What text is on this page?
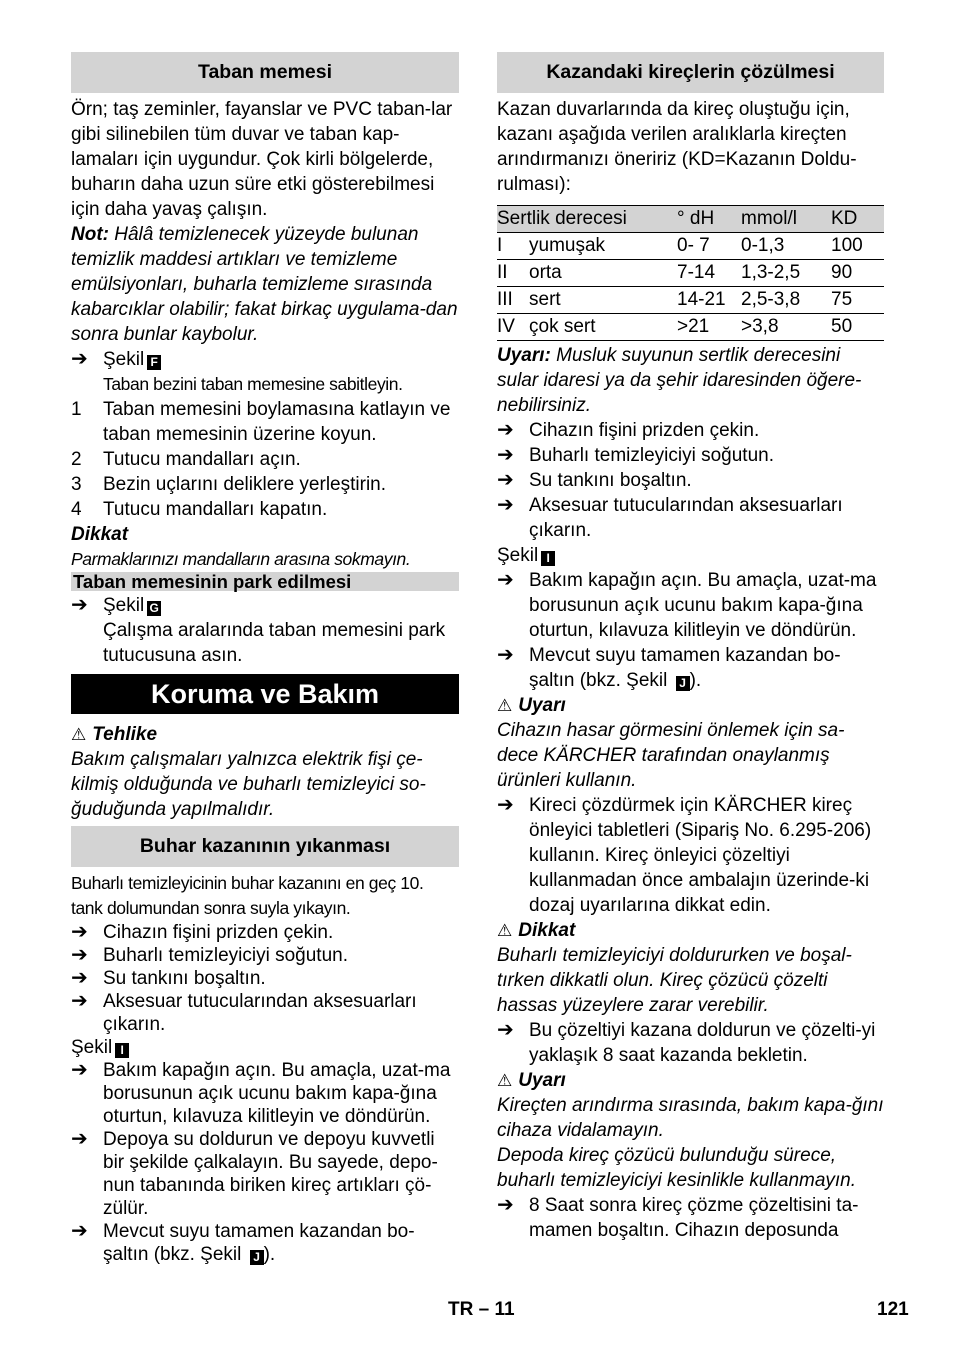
Taban memesi

Örn; taş zeminler, fayanslar ve PVC taban-lar gibi silinebilen tüm duvar ve taban kap-lamaları için uygundur. Çok kirli bölgelerde, buharın daha uzun süre etki gösterebilmesi için daha yavaş çalışın.

Not: Hâlâ temizlenecek yüzeyde bulunan temizlik maddesi artıkları ve temizleme emülsiyonları, buharla temizleme sırasında kabarcıklar olabilir; fakat birkaç uygulama-dan sonra bunlar kaybolur.

➔ Şekil F
Taban bezini taban memesine sabitleyin.
1	Taban memesini boylamasına katlayın ve taban memesinin üzerine koyun.
2	Tutucu mandalları açın.
3	Bezin uçlarını deliklere yerleştirin.
4	Tutucu mandalları kapatın.

Dikkat

Parmaklarınızı mandalların arasına sokmayın.

Taban memesinin park edilmesi
➔ Şekil G
Çalışma aralarında taban memesini park tutucusuna asın.
Koruma ve Bakım

⚠ Tehlike

Bakım çalışmaları yalnızca elektrik fişi çe-kilmiş olduğunda ve buharlı temizleyici so-ğuduğunda yapılmalıdır.

Buhar kazanının yıkanması

Buharlı temizleyicinin buhar kazanını en geç 10. tank dolumundan sonra suyla yıkayın.

➔ Cihazın fişini prizden çekin.
➔ Buharlı temizleyiciyi soğutun.
➔ Su tankını boşaltın.
➔ Aksesuar tutucularından aksesuarları çıkarın.

Şekil I

➔ Bakım kapağın açın. Bu amaçla, uzat-ma borusunun açık ucunu bakım kapa-ğına oturtun, kılavuza kilitleyin ve döndürün.
➔ Depoya su doldurun ve depoyu kuvvetli bir şekilde çalkalayın. Bu sayede, depo-nun tabanında biriken kireç artıkları çö-zülür.
➔ Mevcut suyu tamamen kazandan bo-şaltın (bkz. Şekil J ).
Kazandaki kireçlerin çözülmesi

Kazan duvarlarında da kireç oluştuğu için, kazanı aşağıda verilen aralıklarla kireçten arındırmanızı öneririz (KD=Kazanın Doldu-rulması):

Sertlik derecesi		° dH	mmol/l	KD
I	yumuşak	0- 7	0-1,3	100
II	orta	7-14	1,3-2,5	90
III	sert	14-21	2,5-3,8	75
IV	çok sert	>21	>3,8	50

Uyarı: Musluk suyunun sertlik derecesini sular idaresi ya da şehir idaresinden öğere-nebilirsiniz.

➔ Cihazın fişini prizden çekin.
➔ Buharlı temizleyiciyi soğutun.
➔ Su tankını boşaltın.
➔ Aksesuar tutucularından aksesuarları çıkarın.

Şekil I

➔ Bakım kapağın açın. Bu amaçla, uzat-ma borusunun açık ucunu bakım kapa-ğına oturtun, kılavuza kilitleyin ve döndürün.
➔ Mevcut suyu tamamen kazandan bo-şaltın (bkz. Şekil J ).

⚠ Uyarı

Cihazın hasar görmesini önlemek için sa-dece KÄRCHER tarafından onaylanmış ürünleri kullanın.

➔ Kireci çözdürmek için KÄRCHER kireç önleyici tabletleri (Sipariş No. 6.295-206) kullanın. Kireç önleyici çözeltiyi kullanmadan önce ambalajın üzerinde-ki dozaj uyarılarına dikkat edin.

⚠ Dikkat

Buharlı temizleyiciyi doldururken ve boşal-tırken dikkatli olun. Kireç çözücü çözelti hassas yüzeylere zarar verebilir.

➔ Bu çözeltiyi kazana doldurun ve çözelti-yi yaklaşık 8 saat kazanda bekletin.

⚠ Uyarı

Kireçten arındırma sırasında, bakım kapa-ğını cihaza vidalamayın.

Depoda kireç çözücü bulunduğu sürece, buharlı temizleyiciyi kesinlikle kullanmayın.

➔ 8 Saat sonra kireç çözme çözeltisini ta-mamen boşaltın. Cihazın deposunda
TR – 11	121
